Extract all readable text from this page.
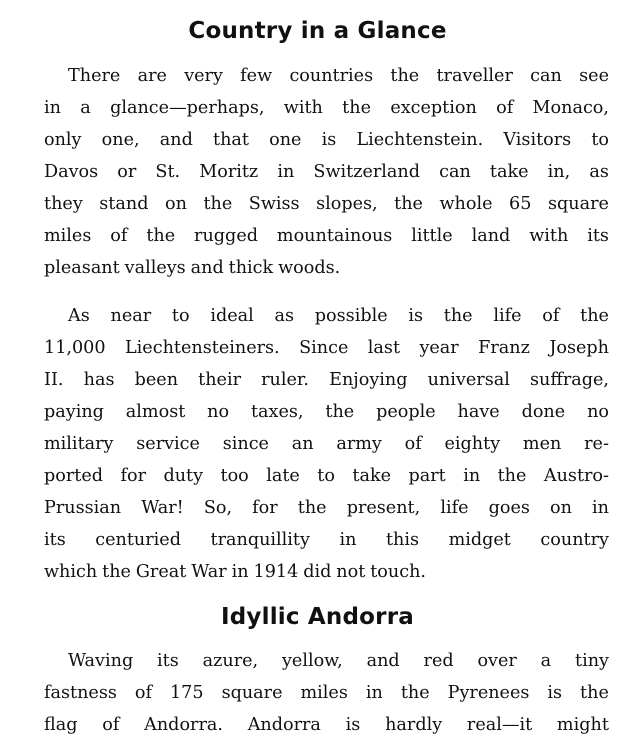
Country in a Glance
There are very few countries the traveller can see
in a glance—perhaps, with the exception of Monaco,
only one, and that one is Liechtenstein. Visitors to
Davos or St. Moritz in Switzerland can take in, as
they stand on the Swiss slopes, the whole 65 square
miles of the rugged mountainous little land with its
pleasant valleys and thick woods.
As near to ideal as possible is the life of the
11,000 Liechtensteiners. Since last year Franz Joseph
II. has been their ruler. Enjoying universal suffrage,
paying almost no taxes, the people have done no
military service since an army of eighty men re-
ported for duty too late to take part in the Austro-
Prussian War! So, for the present, life goes on in
its centuried tranquillity in this midget country
which the Great War in 1914 did not touch.
Idyllic Andorra
Waving its azure, yellow, and red over a tiny
fastness of 175 square miles in the Pyrenees is the
flag of Andorra. Andorra is hardly real—it might
